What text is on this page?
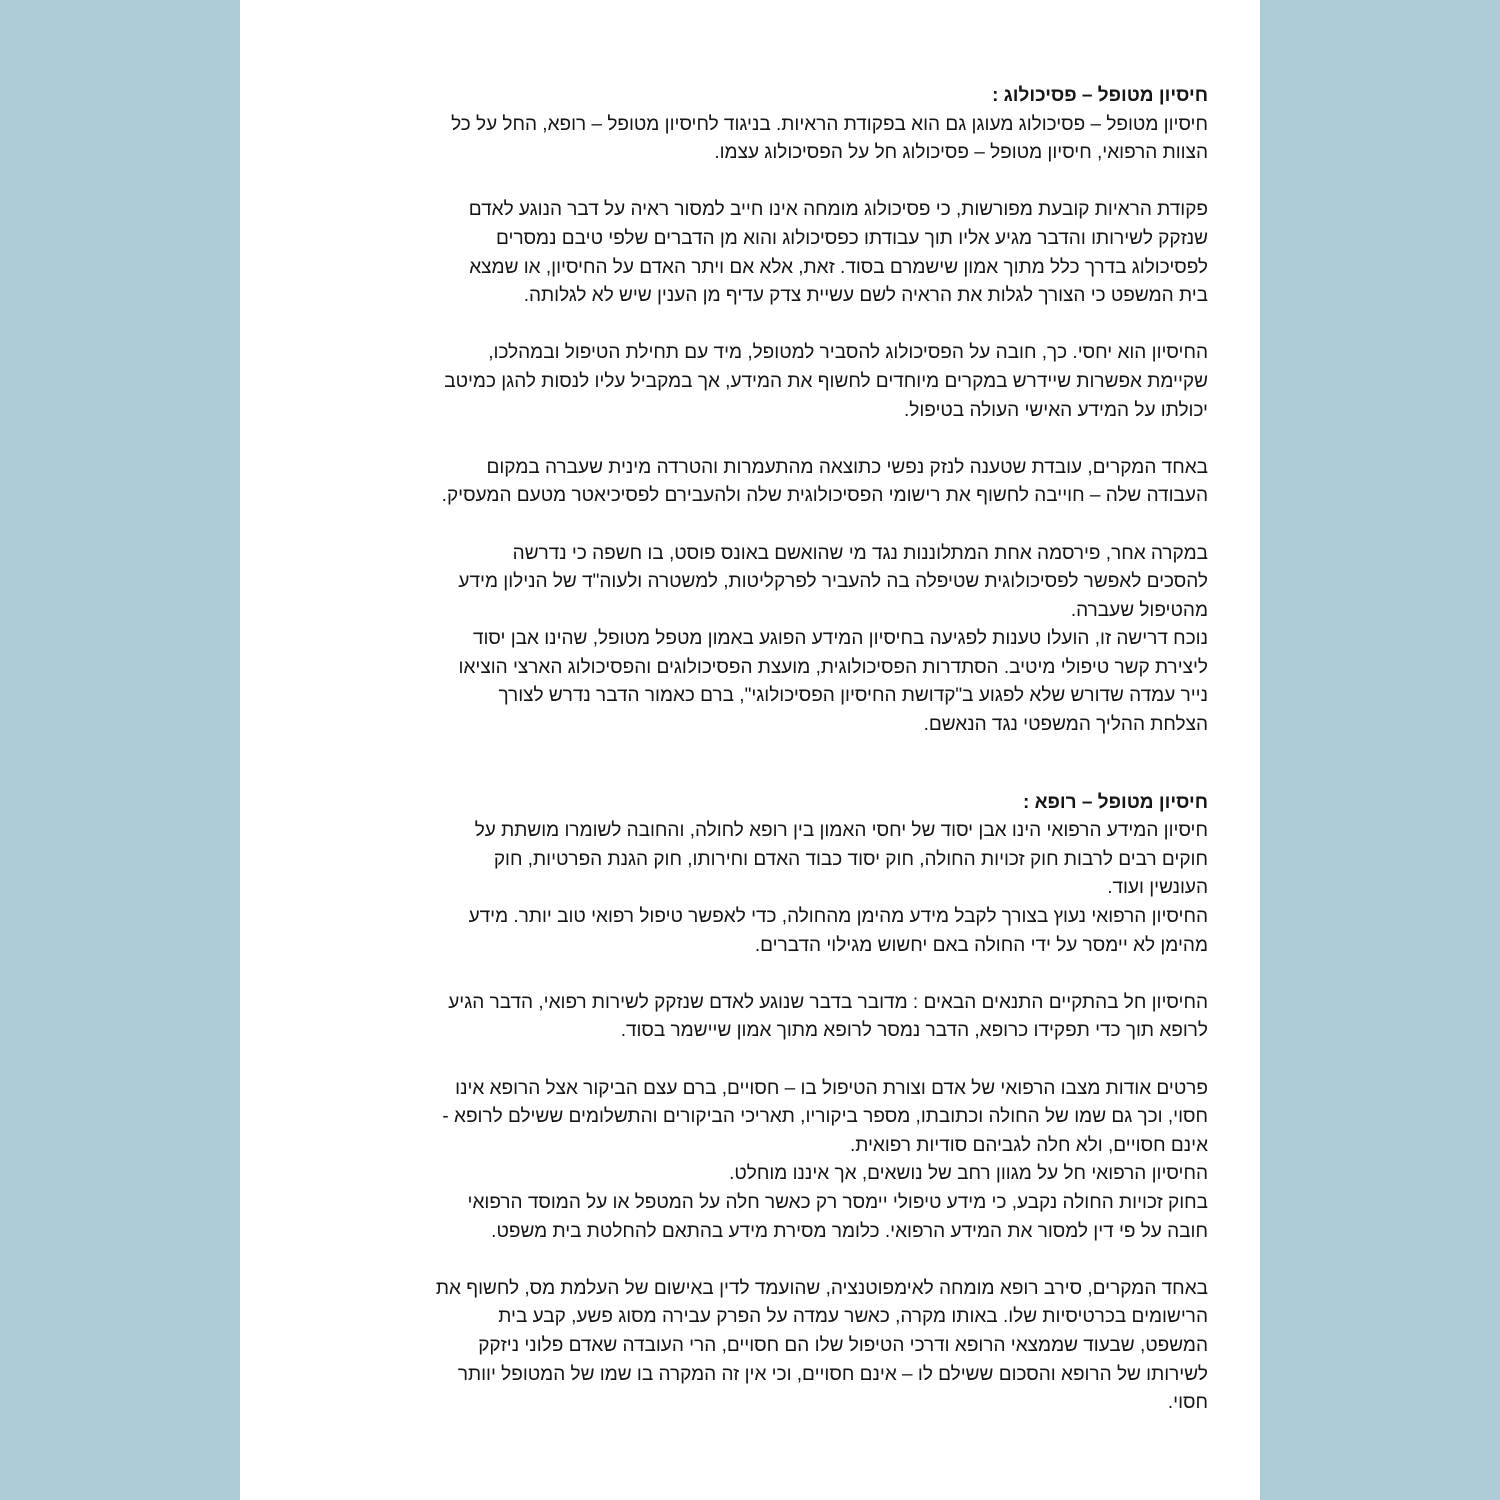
חיסיון מטופל – פסיכולוג :
חיסיון מטופל – פסיכולוג מעוגן גם הוא בפקודת הראיות. בניגוד לחיסיון מטופל – רופא, החל על כל
הצוות הרפואי, חיסיון מטופל – פסיכולוג חל על הפסיכולוג עצמו.
פקודת הראיות קובעת מפורשות, כי פסיכולוג מומחה אינו חייב למסור ראיה על דבר הנוגע לאדם
שנזקק לשירותו והדבר מגיע אליו תוך עבודתו כפסיכולוג והוא מן הדברים שלפי טיבם נמסרים
לפסיכולוג בדרך כלל מתוך אמון שישמרם בסוד. זאת, אלא אם ויתר האדם על החיסיון, או שמצא
בית המשפט כי הצורך לגלות את הראיה לשם עשיית צדק עדיף מן הענין שיש לא לגלותה.
החיסיון הוא יחסי. כך, חובה על הפסיכולוג להסביר למטופל, מיד עם תחילת הטיפול ובמהלכו,
שקיימת אפשרות שיידרש במקרים מיוחדים לחשוף את המידע, אך במקביל עליו לנסות להגן כמיטב
יכולתו על המידע האישי העולה בטיפול.
באחד המקרים, עובדת שטענה לנזק נפשי כתוצאה מהתעמרות והטרדה מינית שעברה במקום
העבודה שלה – חוייבה לחשוף את רישומי הפסיכולוגית שלה ולהעבירם לפסיכיאטר מטעם המעסיק.
במקרה אחר, פירסמה אחת המתלוננות נגד מי שהואשם באונס פוסט, בו חשפה כי נדרשה
להסכים לאפשר לפסיכולוגית שטיפלה בה להעביר לפרקליטות, למשטרה ולעוה"ד של הנילון מידע
מהטיפול שעברה.
נוכח דרישה זו, הועלו טענות לפגיעה בחיסיון המידע הפוגע באמון מטפל מטופל, שהינו אבן יסוד
ליצירת קשר טיפולי מיטיב. הסתדרות הפסיכולוגית, מועצת הפסיכולוגים והפסיכולוג הארצי הוציאו
נייר עמדה שדורש שלא לפגוע ב"קדושת החיסיון הפסיכולוגי", ברם כאמור הדבר נדרש לצורך
הצלחת ההליך המשפטי נגד הנאשם.
חיסיון מטופל – רופא :
חיסיון המידע הרפואי הינו אבן יסוד של יחסי האמון בין רופא לחולה, והחובה לשומרו מושתת על
חוקים רבים לרבות חוק זכויות החולה, חוק יסוד כבוד האדם וחירותו, חוק הגנת הפרטיות, חוק
העונשין ועוד.
החיסיון הרפואי נעוץ בצורך לקבל מידע מהימן מהחולה, כדי לאפשר טיפול רפואי טוב יותר. מידע
מהימן לא יימסר על ידי החולה באם יחשוש מגילוי הדברים.
החיסיון חל בהתקיים התנאים הבאים : מדובר בדבר שנוגע לאדם שנזקק לשירות רפואי, הדבר הגיע
לרופא תוך כדי תפקידו כרופא, הדבר נמסר לרופא מתוך אמון שיישמר בסוד.
פרטים אודות מצבו הרפואי של אדם וצורת הטיפול בו – חסויים, ברם עצם הביקור אצל הרופא אינו
חסוי, וכך גם שמו של החולה וכתובתו, מספר ביקוריו, תאריכי הביקורים והתשלומים ששילם לרופא -
אינם חסויים, ולא חלה לגביהם סודיות רפואית.
החיסיון הרפואי חל על מגוון רחב של נושאים, אך איננו מוחלט.
בחוק זכויות החולה נקבע, כי מידע טיפולי יימסר רק כאשר חלה על המטפל או על המוסד הרפואי
חובה על פי דין למסור את המידע הרפואי. כלומר מסירת מידע בהתאם להחלטת בית משפט.
באחד המקרים, סירב רופא מומחה לאימפוטנציה, שהועמד לדין באישום של העלמת מס, לחשוף את
הרישומים בכרטיסיות שלו. באותו מקרה, כאשר עמדה על הפרק עבירה מסוג פשע, קבע בית
המשפט, שבעוד שממצאי הרופא ודרכי הטיפול שלו הם חסויים, הרי העובדה שאדם פלוני ניזקק
לשירותו של הרופא והסכום ששילם לו – אינם חסויים, וכי אין זה המקרה בו שמו של המטופל יוותר
חסוי.
